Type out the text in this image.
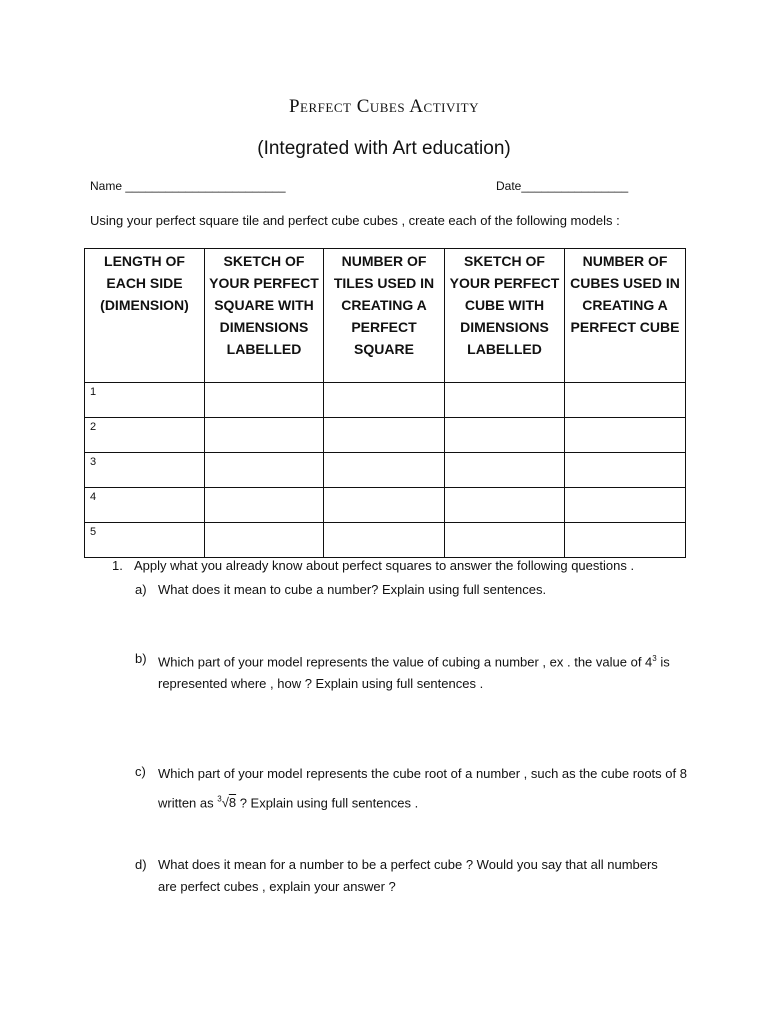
Perfect Cubes Activity
(Integrated with Art education)
Name ________________________	Date________________
Using your perfect square tile and perfect cube cubes , create each of the following models :
LENGTH OF EACH SIDE (DIMENSION)	SKETCH OF YOUR PERFECT SQUARE WITH DIMENSIONS LABELLED	NUMBER OF TILES USED IN CREATING A PERFECT SQUARE	SKETCH OF YOUR PERFECT CUBE WITH DIMENSIONS LABELLED	NUMBER OF CUBES USED IN CREATING A PERFECT CUBE

1				

2				

3				

4				

5				

1. Apply what you already know about perfect squares to answer the following questions .
a) What does it mean to cube a number? Explain using full sentences.
b) Which part of your model represents the value of cubing a number , ex . the value of $4^3$ is represented where , how ? Explain using full sentences .
c) Which part of your model represents the cube root of a number , such as the cube roots of 8 written as $^3$√8 ? Explain using full sentences .
d) What does it mean for a number to be a perfect cube ? Would you say that all numbers are perfect cubes , explain your answer ?
